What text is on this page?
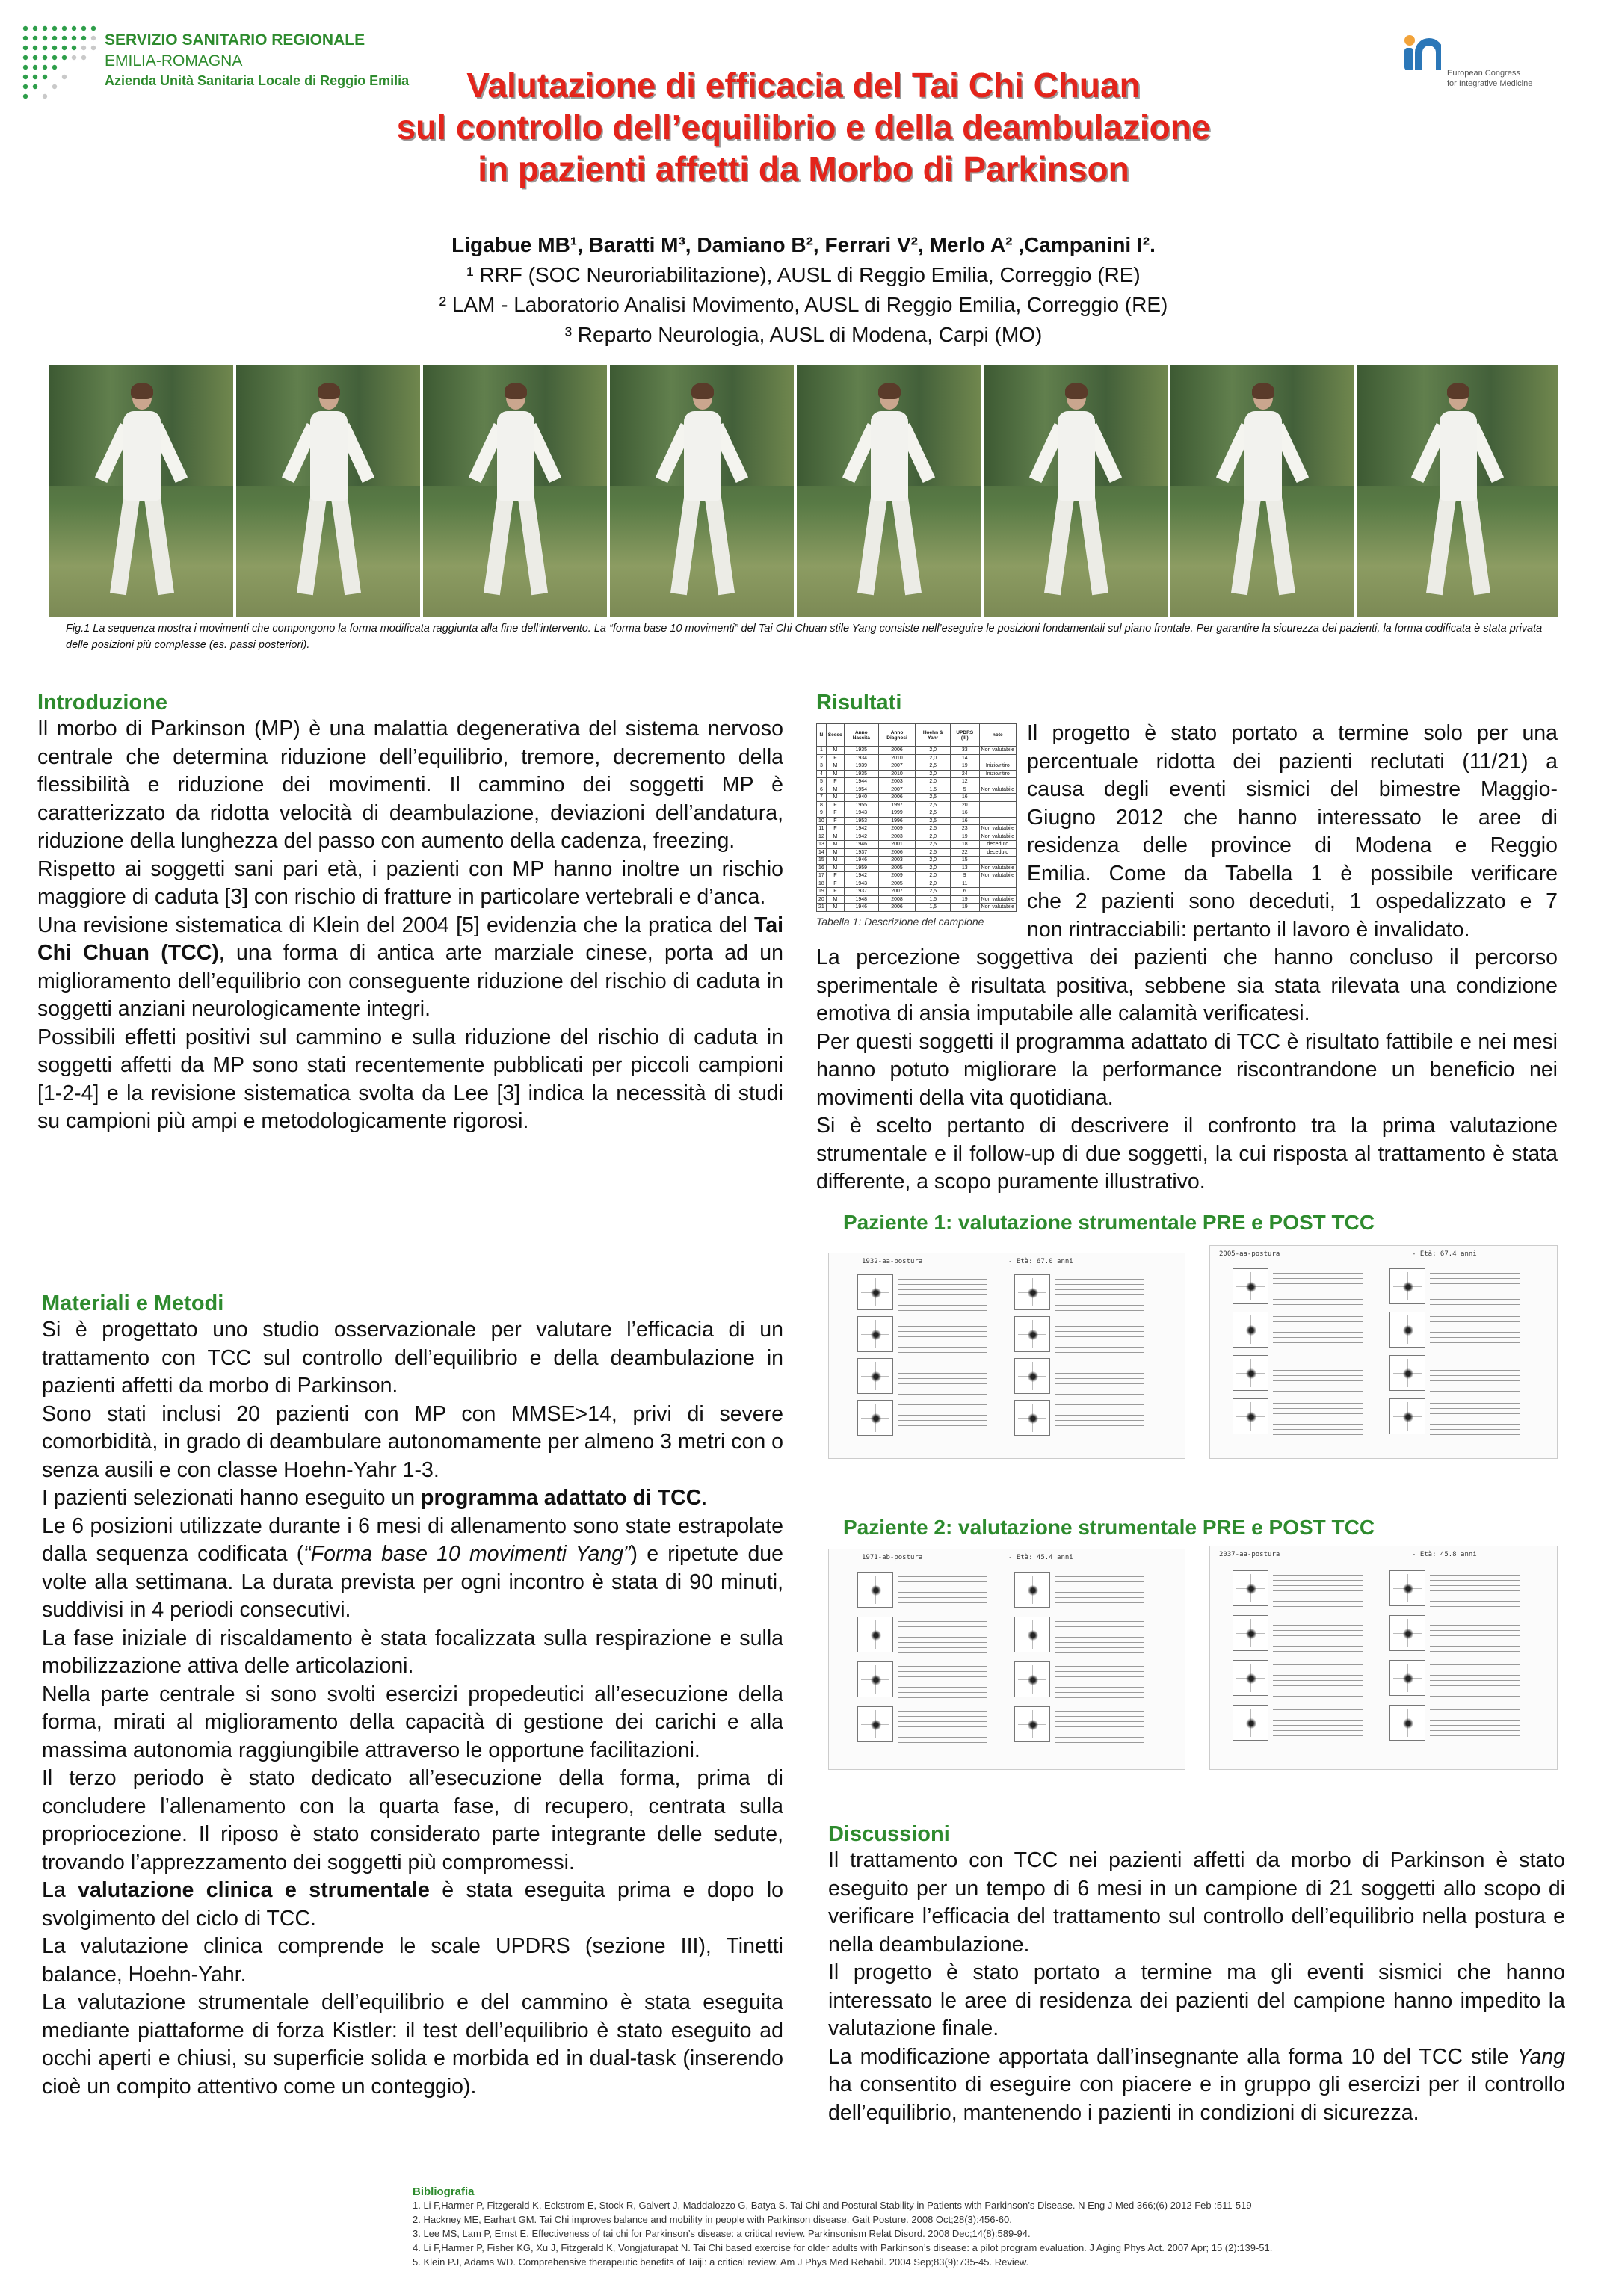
SERVIZIO SANITARIO REGIONALE
EMILIA-ROMAGNA
Azienda Unità Sanitaria Locale di Reggio Emilia	European Congress
for Integrative Medicine
Valutazione di efficacia del Tai Chi Chuan
sul controllo dell’equilibrio e della deambulazione
in pazienti affetti da Morbo di Parkinson
Ligabue MB¹, Baratti M³, Damiano B², Ferrari V², Merlo A² ,Campanini I².
¹ RRF (SOC Neuroriabilitazione), AUSL di Reggio Emilia, Correggio (RE)
² LAM - Laboratorio Analisi Movimento, AUSL di Reggio Emilia, Correggio (RE)
³ Reparto Neurologia, AUSL di Modena, Carpi (MO)
Fig.1 La sequenza mostra i movimenti che compongono la forma modificata raggiunta alla fine dell’intervento. La “forma base 10 movimenti” del Tai Chi Chuan stile Yang consiste nell’eseguire le posizioni fondamentali sul piano frontale. Per garantire la sicurezza dei pazienti, la forma codificata è stata privata delle posizioni più complesse (es. passi posteriori).
Introduzione

Il morbo di Parkinson (MP) è una malattia degenerativa del sistema nervoso centrale che determina riduzione dell’equilibrio, tremore, decremento della flessibilità e riduzione dei movimenti. Il cammino dei soggetti MP è caratterizzato da ridotta velocità di deambulazione, deviazioni dell’andatura, riduzione della lunghezza del passo con aumento della cadenza, freezing.

Rispetto ai soggetti sani pari età, i pazienti con MP hanno inoltre un rischio maggiore di caduta [3] con rischio di fratture in particolare vertebrali e d’anca.

Una revisione sistematica di Klein del 2004 [5] evidenzia che la pratica del Tai Chi Chuan (TCC), una forma di antica arte marziale cinese, porta ad un miglioramento dell’equilibrio con conseguente riduzione del rischio di caduta in soggetti anziani neurologicamente integri.

Possibili effetti positivi sul cammino e sulla riduzione del rischio di caduta in soggetti affetti da MP sono stati recentemente pubblicati per piccoli campioni [1-2-4] e la revisione sistematica svolta da Lee [3] indica la necessità di studi su campioni più ampi e metodologicamente rigorosi.

Materiali e Metodi

Si è progettato uno studio osservazionale per valutare l’efficacia di un trattamento con TCC sul controllo dell’equilibrio e della deambulazione in pazienti affetti da morbo di Parkinson.

Sono stati inclusi 20 pazienti con MP con MMSE>14, privi di severe comorbidità, in grado di deambulare autonomamente per almeno 3 metri con o senza ausili e con classe Hoehn-Yahr 1-3.

I pazienti selezionati hanno eseguito un programma adattato di TCC.

Le 6 posizioni utilizzate durante i 6 mesi di allenamento sono state estrapolate dalla sequenza codificata (“Forma base 10 movimenti Yang”) e ripetute due volte alla settimana. La durata prevista per ogni incontro è stata di 90 minuti, suddivisi in 4 periodi consecutivi.

La fase iniziale di riscaldamento è stata focalizzata sulla respirazione e sulla mobilizzazione attiva delle articolazioni.

Nella parte centrale si sono svolti esercizi propedeutici all’esecuzione della forma, mirati al miglioramento della capacità di gestione dei carichi e alla massima autonomia raggiungibile attraverso le opportune facilitazioni.

Il terzo periodo è stato dedicato all’esecuzione della forma, prima di concludere l’allenamento con la quarta fase, di recupero, centrata sulla propriocezione. Il riposo è stato considerato parte integrante delle sedute, trovando l’apprezzamento dei soggetti più compromessi.

La valutazione clinica e strumentale è stata eseguita prima e dopo lo svolgimento del ciclo di TCC.

La valutazione clinica comprende le scale UPDRS (sezione III), Tinetti balance, Hoehn-Yahr.

La valutazione strumentale dell’equilibrio e del cammino è stata eseguita mediante piattaforme di forza Kistler: il test dell’equilibrio è stato eseguito ad occhi aperti e chiusi, su superficie solida e morbida ed in dual-task (inserendo cioè un compito attentivo come un conteggio).

Risultati
N	Sesso	Anno Nascita	Anno Diagnosi	Hoehn & Yahr	UPDRS (III)	note
1	M	1935	2006	2,0	33	Non valutabile
2	F	1934	2010	2,0	14	
3	M	1939	2007	2,5	19	Inizio/ritiro
4	M	1935	2010	2,0	24	Inizio/ritiro
5	F	1944	2003	2,0	12	
6	M	1954	2007	1,5	5	Non valutabile
7	M	1940	2006	2,5	16	
8	F	1955	1997	2,5	20	
9	F	1943	1999	2,5	16	
10	F	1953	1996	2,5	16	
11	F	1942	2009	2,5	23	Non valutabile
12	M	1942	2003	2,0	19	Non valutabile
13	M	1946	2001	2,5	18	deceduto
14	M	1937	2006	2,5	22	deceduto
15	M	1946	2003	2,0	15	
16	M	1959	2005	2,0	13	Non valutabile
17	F	1942	2009	2,0	9	Non valutabile
18	F	1943	2005	2,0	11	
19	F	1937	2007	2,5	6	
20	M	1948	2008	1,5	19	Non valutabile
21	M	1946	2006	1,5	19	Non valutabile
Tabella 1: Descrizione del campione
Il progetto è stato portato a termine solo per una
percentuale ridotta dei pazienti reclutati (11/21) a
causa degli eventi sismici del bimestre Maggio-
Giugno 2012 che hanno interessato le aree di
residenza delle province di Modena e Reggio
Emilia. Come da Tabella 1 è possibile verificare
che 2 pazienti sono deceduti, 1 ospedalizzato e 7
non rintracciabili: pertanto il lavoro è invalidato.

La percezione soggettiva dei pazienti che hanno concluso il percorso sperimentale è risultata positiva, sebbene sia stata rilevata una condizione emotiva di ansia imputabile alle calamità verificatesi.

Per questi soggetti il programma adattato di TCC è risultato fattibile e nei mesi hanno potuto migliorare la performance riscontrandone un beneficio nei movimenti della vita quotidiana.

Si è scelto pertanto di descrivere il confronto tra la prima valutazione strumentale e il follow-up di due soggetti, la cui risposta al trattamento è stata differente, a scopo puramente illustrativo.

Paziente 1: valutazione strumentale PRE e POST TCC
1932-aa-postura	- Età: 67.0 anni
2005-aa-postura	- Età: 67.4 anni
Paziente 2: valutazione strumentale PRE e POST TCC
1971-ab-postura	- Età: 45.4 anni	2037-aa-postura	- Età: 45.8 anni
Discussioni

Il trattamento con TCC nei pazienti affetti da morbo di Parkinson è stato eseguito per un tempo di 6 mesi in un campione di 21 soggetti allo scopo di verificare l’efficacia del trattamento sul controllo dell’equilibrio nella postura e nella deambulazione.

Il progetto è stato portato a termine ma gli eventi sismici che hanno interessato le aree di residenza dei pazienti del campione hanno impedito la valutazione finale.

La modificazione apportata dall’insegnante alla forma 10 del TCC stile Yang ha consentito di eseguire con piacere e in gruppo gli esercizi per il controllo dell’equilibrio, mantenendo i pazienti in condizioni di sicurezza.

Bibliografia
1. Li F,Harmer P, Fitzgerald K, Eckstrom E, Stock R, Galvert J, Maddalozzo G, Batya S. Tai Chi and Postural Stability in Patients with Parkinson’s Disease. N Eng J Med 366;(6) 2012 Feb :511-519
2. Hackney ME, Earhart GM. Tai Chi improves balance and mobility in people with Parkinson disease. Gait Posture. 2008 Oct;28(3):456-60.
3. Lee MS, Lam P, Ernst E. Effectiveness of tai chi for Parkinson’s disease: a critical review. Parkinsonism Relat Disord. 2008 Dec;14(8):589-94.
4. Li F,Harmer P, Fisher KG, Xu J, Fitzgerald K, Vongjaturapat N. Tai Chi based exercise for older adults with Parkinson’s disease: a pilot program evaluation. J Aging Phys Act. 2007 Apr; 15 (2):139-51.
5. Klein PJ, Adams WD. Comprehensive therapeutic benefits of Taiji: a critical review. Am J Phys Med Rehabil. 2004 Sep;83(9):735-45. Review.
